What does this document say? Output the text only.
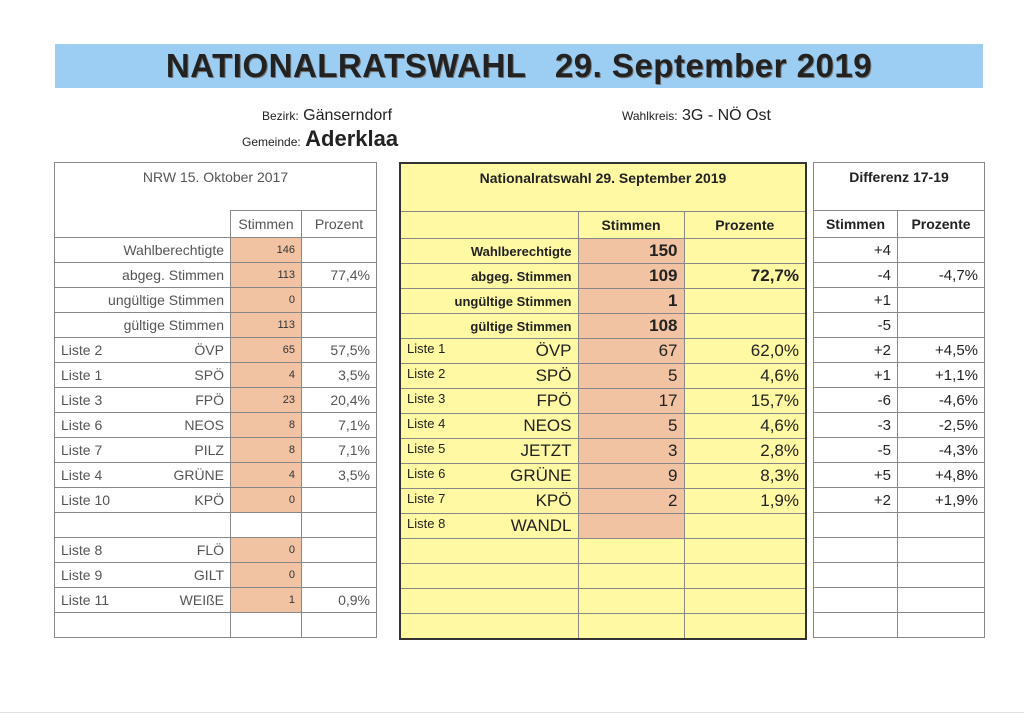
NATIONALRATSWAHL 29. September 2019
Bezirk: Gänserndorf
Gemeinde: Aderklaa
Wahlkreis: 3G - NÖ Ost
NRW 15. Oktober 2017		
	Stimmen	Prozent
Wahlberechtigte	146	
abgeg. Stimmen	113	77,4%
ungültige Stimmen	0	
gültige Stimmen	113	

Liste 2 ÖVP	65	57,5%

Liste 1 SPÖ	4	3,5%

Liste 3 FPÖ	23	20,4%

Liste 6 NEOS	8	7,1%

Liste 7 PILZ	8	7,1%

Liste 4 GRÜNE	4	3,5%

Liste 10 KPÖ	0	

Liste 8 FLÖ	0	

Liste 9 GILT	0	

Liste 11 WEIßE	1	0,9%

Nationalratswahl 29. September 2019		
	Stimmen	Prozente
Wahlberechtigte	150	
abgeg. Stimmen	109	72,7%
ungültige Stimmen	1	
gültige Stimmen	108	

Liste 1 ÖVP	67	62,0%

Liste 2 SPÖ	5	4,6%

Liste 3 FPÖ	17	15,7%

Liste 4 NEOS	5	4,6%

Liste 5 JETZT	3	2,8%

Liste 6 GRÜNE	9	8,3%

Liste 7 KPÖ	2	1,9%

Liste 8 WANDL		

Differenz 17-19	
Stimmen	Prozente
+4	
-4	-4,7%
+1	
-5	
+2	+4,5%
+1	+1,1%
-6	-4,6%
-3	-2,5%
-5	-4,3%
+5	+4,8%
+2	+1,9%
